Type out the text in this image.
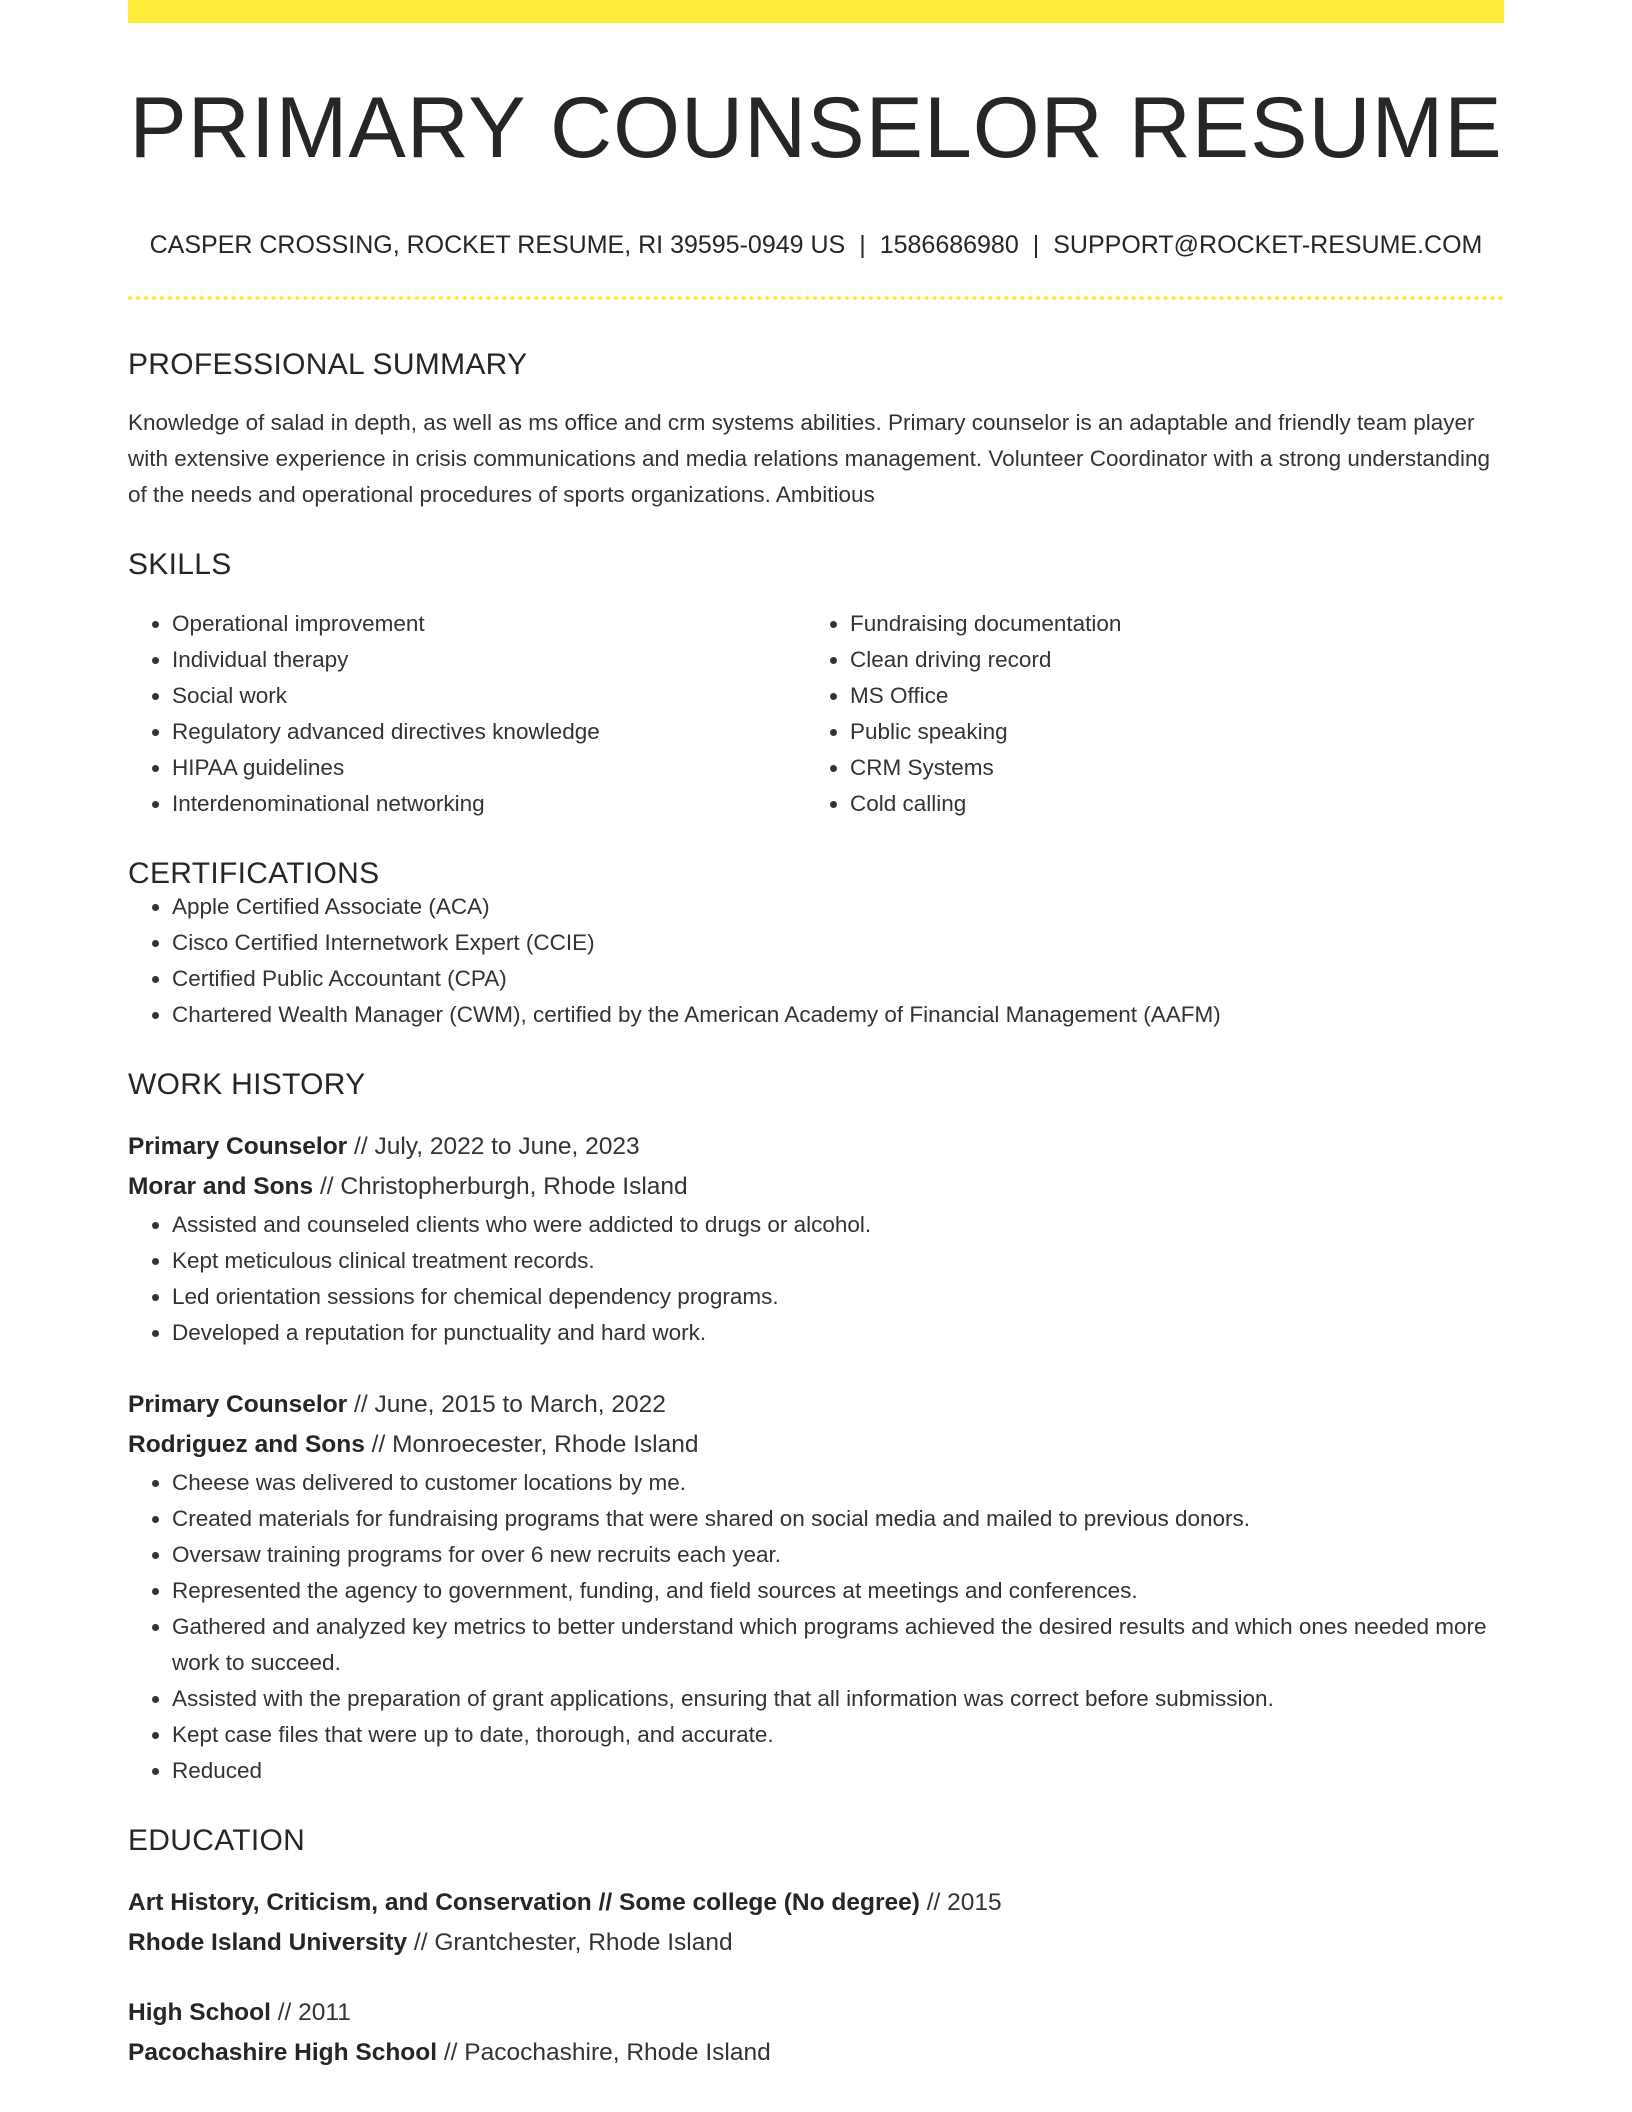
PRIMARY COUNSELOR RESUME
CASPER CROSSING, ROCKET RESUME, RI 39595-0949 US | 1586686980 | SUPPORT@ROCKET-RESUME.COM
PROFESSIONAL SUMMARY

Knowledge of salad in depth, as well as ms office and crm systems abilities. Primary counselor is an adaptable and friendly team player with extensive experience in crisis communications and media relations management. Volunteer Coordinator with a strong understanding of the needs and operational procedures of sports organizations. Ambitious

SKILLS
• Operational improvement
• Individual therapy
• Social work
• Regulatory advanced directives knowledge
• HIPAA guidelines
• Interdenominational networking
• Fundraising documentation
• Clean driving record
• MS Office
• Public speaking
• CRM Systems
• Cold calling
CERTIFICATIONS
• Apple Certified Associate (ACA)
• Cisco Certified Internetwork Expert (CCIE)
• Certified Public Accountant (CPA)
• Chartered Wealth Manager (CWM), certified by the American Academy of Financial Management (AAFM)
WORK HISTORY
Primary Counselor // July, 2022 to June, 2023
Morar and Sons // Christopherburgh, Rhode Island
• Assisted and counseled clients who were addicted to drugs or alcohol.
• Kept meticulous clinical treatment records.
• Led orientation sessions for chemical dependency programs.
• Developed a reputation for punctuality and hard work.
Primary Counselor // June, 2015 to March, 2022
Rodriguez and Sons // Monroecester, Rhode Island
• Cheese was delivered to customer locations by me.
• Created materials for fundraising programs that were shared on social media and mailed to previous donors.
• Oversaw training programs for over 6 new recruits each year.
• Represented the agency to government, funding, and field sources at meetings and conferences.
• Gathered and analyzed key metrics to better understand which programs achieved the desired results and which ones needed more work to succeed.
• Assisted with the preparation of grant applications, ensuring that all information was correct before submission.
• Kept case files that were up to date, thorough, and accurate.
• Reduced
EDUCATION
Art History, Criticism, and Conservation // Some college (No degree) // 2015
Rhode Island University // Grantchester, Rhode Island
High School // 2011
Pacochashire High School // Pacochashire, Rhode Island
